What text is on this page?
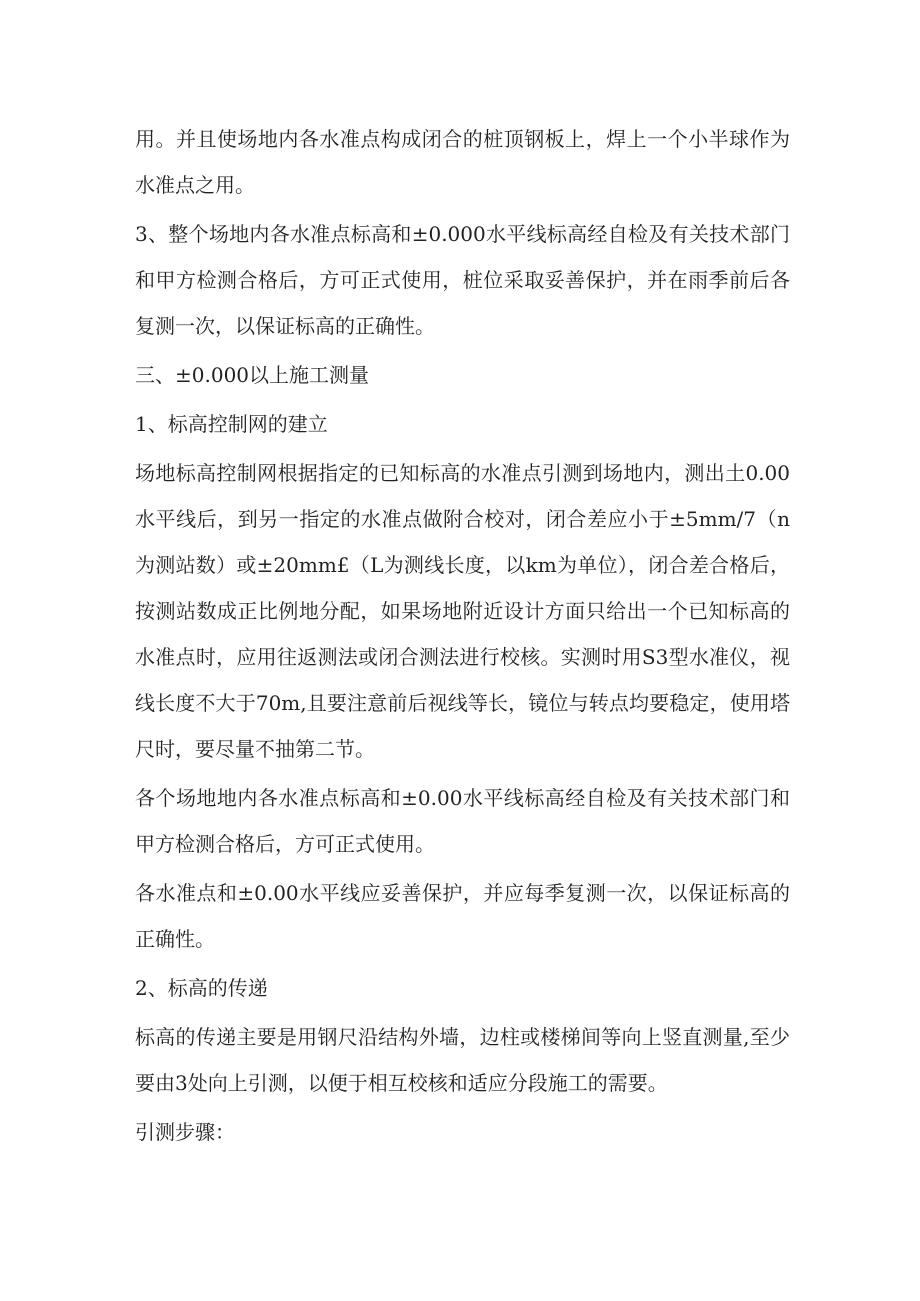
用。并且使场地内各水准点构成闭合的桩顶钢板上，焊上一个小半球作为水准点之用。

3、整个场地内各水准点标高和±0.000水平线标高经自检及有关技术部门和甲方检测合格后，方可正式使用，桩位采取妥善保护，并在雨季前后各复测一次，以保证标高的正确性。

三、±0.000以上施工测量

1、标高控制网的建立

场地标高控制网根据指定的已知标高的水准点引测到场地内，测出土0.00水平线后，到另一指定的水准点做附合校对，闭合差应小于±5mm/7（n为测站数）或±20mm£（L为测线长度，以km为单位），闭合差合格后，按测站数成正比例地分配，如果场地附近设计方面只给出一个已知标高的水准点时，应用往返测法或闭合测法进行校核。实测时用S3型水准仪，视线长度不大于70m,且要注意前后视线等长，镜位与转点均要稳定，使用塔尺时，要尽量不抽第二节。

各个场地地内各水准点标高和±0.00水平线标高经自检及有关技术部门和甲方检测合格后，方可正式使用。

各水准点和±0.00水平线应妥善保护，并应每季复测一次，以保证标高的正确性。

2、标高的传递

标高的传递主要是用钢尺沿结构外墙，边柱或楼梯间等向上竖直测量,至少要由3处向上引测，以便于相互校核和适应分段施工的需要。

引测步骤：
